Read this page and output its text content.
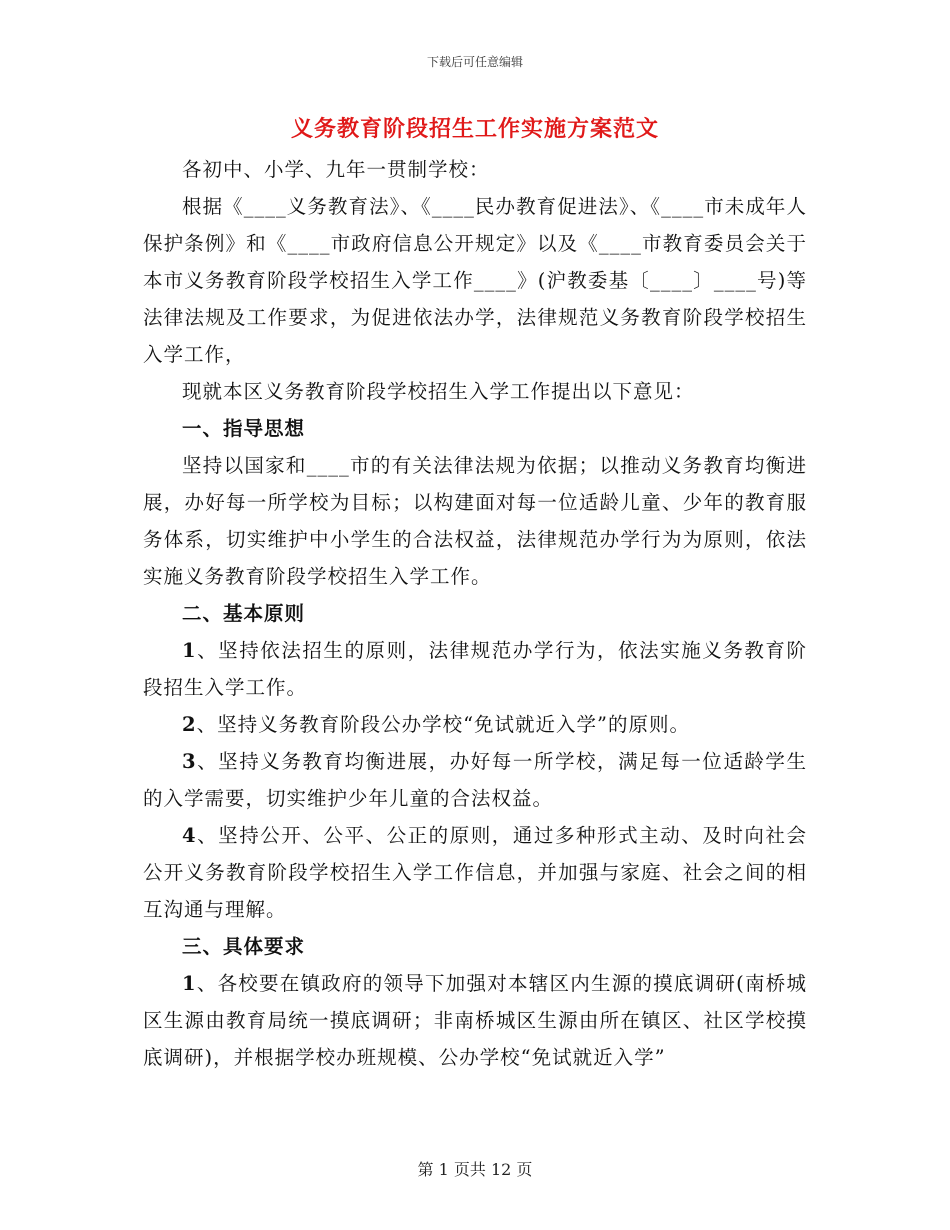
下载后可任意编辑
义务教育阶段招生工作实施方案范文

各初中、小学、九年一贯制学校：

根据《____义务教育法》、《____民办教育促进法》、《____市未成年人保护条例》和《____市政府信息公开规定》以及《____市教育委员会关于本市义务教育阶段学校招生入学工作____》(沪教委基〔____〕____号)等法律法规及工作要求，为促进依法办学，法律规范义务教育阶段学校招生入学工作，

现就本区义务教育阶段学校招生入学工作提出以下意见：

一、指导思想

坚持以国家和____市的有关法律法规为依据；以推动义务教育均衡进展，办好每一所学校为目标；以构建面对每一位适龄儿童、少年的教育服务体系，切实维护中小学生的合法权益，法律规范办学行为为原则，依法实施义务教育阶段学校招生入学工作。

二、基本原则

1、坚持依法招生的原则，法律规范办学行为，依法实施义务教育阶段招生入学工作。

2、坚持义务教育阶段公办学校“免试就近入学”的原则。

3、坚持义务教育均衡进展，办好每一所学校，满足每一位适龄学生的入学需要，切实维护少年儿童的合法权益。

4、坚持公开、公平、公正的原则，通过多种形式主动、及时向社会公开义务教育阶段学校招生入学工作信息，并加强与家庭、社会之间的相互沟通与理解。

三、具体要求

1、各校要在镇政府的领导下加强对本辖区内生源的摸底调研(南桥城区生源由教育局统一摸底调研；非南桥城区生源由所在镇区、社区学校摸底调研)，并根据学校办班规模、公办学校“免试就近入学”

第 1 页共 12 页
